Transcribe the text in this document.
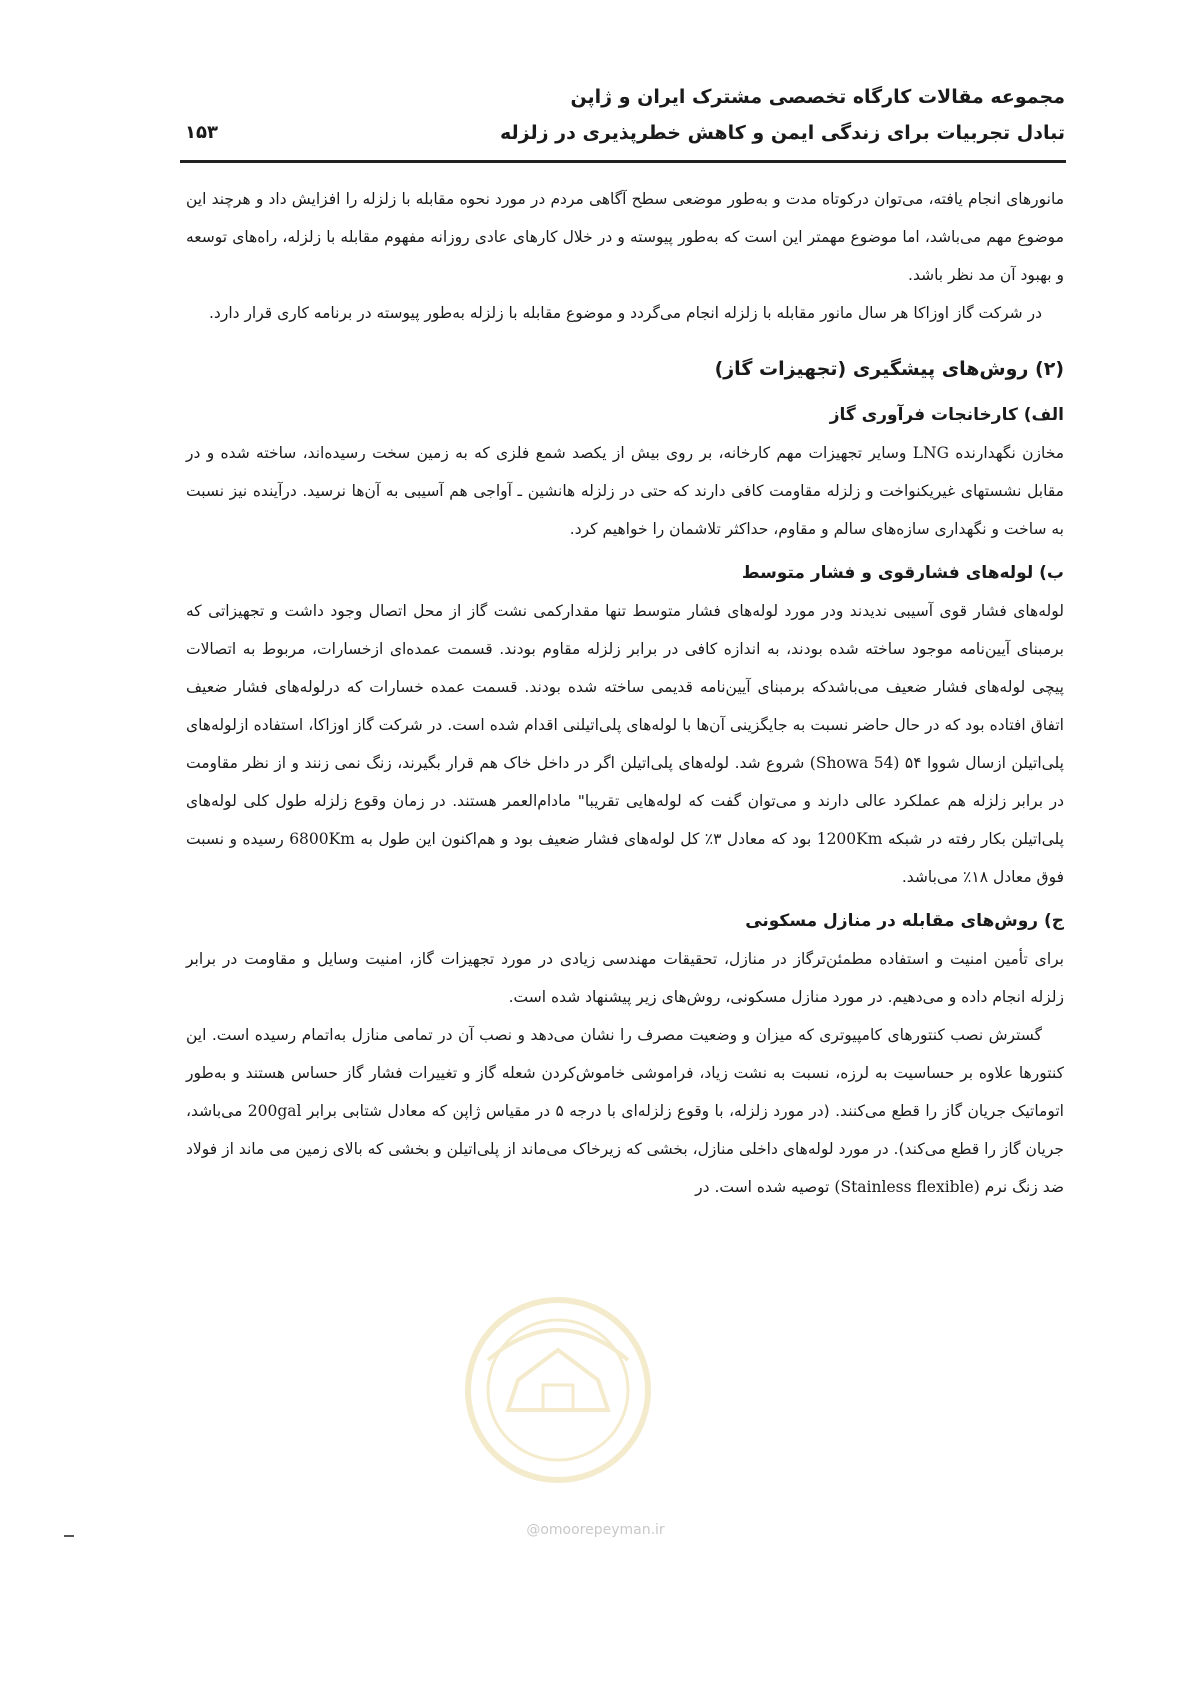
مجموعه مقالات کارگاه تخصصی مشترک ایران و ژاپن
تبادل تجربیات برای زندگی ایمن و کاهش خطرپذیری در زلزله
۱۵۳

مانورهای انجام یافته، می‌توان درکوتاه مدت و به‌طور موضعی سطح آگاهی مردم در مورد نحوه مقابله با زلزله را افزایش داد و هرچند این موضوع مهم می‌باشد، اما موضوع مهمتر این است که به‌طور پیوسته و در خلال کارهای عادی روزانه مفهوم مقابله با زلزله، راه‌های توسعه و بهبود آن مد نظر باشد.

در شرکت گاز اوزاکا هر سال مانور مقابله با زلزله انجام می‌گردد و موضوع مقابله با زلزله به‌طور پیوسته در برنامه کاری قرار دارد.

(۲) روش‌های پیشگیری (تجهیزات گاز)
الف) کارخانجات فرآوری گاز

مخازن نگهدارنده LNG وسایر تجهیزات مهم کارخانه، بر روی بیش از یکصد شمع فلزی که به زمین سخت رسیده‌اند، ساخته شده و در مقابل نشستهای غیریکنواخت و زلزله مقاومت کافی دارند که حتی در زلزله هانشین ـ آواجی هم آسیبی به آن‌ها نرسید. درآینده نیز نسبت به ساخت و نگهداری سازه‌های سالم و مقاوم، حداکثر تلاشمان را خواهیم کرد.

ب) لوله‌های فشارقوی و فشار متوسط

لوله‌های فشار قوی آسیبی ندیدند ودر مورد لوله‌های فشار متوسط تنها مقدارکمی نشت گاز از محل اتصال وجود داشت و تجهیزاتی که برمبنای آیین‌نامه موجود ساخته شده بودند، به اندازه کافی در برابر زلزله مقاوم بودند. قسمت عمده‌ای ازخسارات، مربوط به اتصالات پیچی لوله‌های فشار ضعیف می‌باشدکه برمبنای آیین‌نامه قدیمی ساخته شده بودند. قسمت عمده خسارات که درلوله‌های فشار ضعیف اتفاق افتاده بود که در حال حاضر نسبت به جایگزینی آن‌ها با لوله‌های پلی‌اتیلنی اقدام شده است. در شرکت گاز اوزاکا، استفاده ازلوله‌های پلی‌اتیلن ازسال شووا ۵۴ (Showa 54) شروع شد. لوله‌های پلی‌اتیلن اگر در داخل خاک هم قرار بگیرند، زنگ نمی زنند و از نظر مقاومت در برابر زلزله هم عملکرد عالی دارند و می‌توان گفت که لوله‌هایی تقریبا" مادام‌العمر هستند. در زمان وقوع زلزله طول کلی لوله‌های پلی‌اتیلن بکار رفته در شبکه 1200Km بود که معادل ۳٪ کل لوله‌های فشار ضعیف بود و هم‌اکنون این طول به 6800Km رسیده و نسبت فوق معادل ۱۸٪ می‌باشد.

ج) روش‌های مقابله در منازل مسکونی

برای تأمین امنیت و استفاده مطمئن‌ترگاز در منازل، تحقیقات مهندسی زیادی در مورد تجهیزات گاز، امنیت وسایل و مقاومت در برابر زلزله انجام داده و می‌دهیم. در مورد منازل مسکونی، روش‌های زیر پیشنهاد شده است.

گسترش نصب کنتورهای کامپیوتری که میزان و وضعیت مصرف را نشان می‌دهد و نصب آن در تمامی منازل به‌اتمام رسیده است. این کنتورها علاوه بر حساسیت به لرزه، نسبت به نشت زیاد، فراموشی خاموش‌کردن شعله گاز و تغییرات فشار گاز حساس هستند و به‌طور اتوماتیک جریان گاز را قطع می‌کنند. (در مورد زلزله، با وقوع زلزله‌ای با درجه ۵ در مقیاس ژاپن که معادل شتابی برابر 200gal می‌باشد، جریان گاز را قطع می‌کند). در مورد لوله‌های داخلی منازل، بخشی که زیرخاک می‌ماند از پلی‌اتیلن و بخشی که بالای زمین می ماند از فولاد ضد زنگ نرم (Stainless flexible) توصیه شده است. در

@omoorepeyman.ir
